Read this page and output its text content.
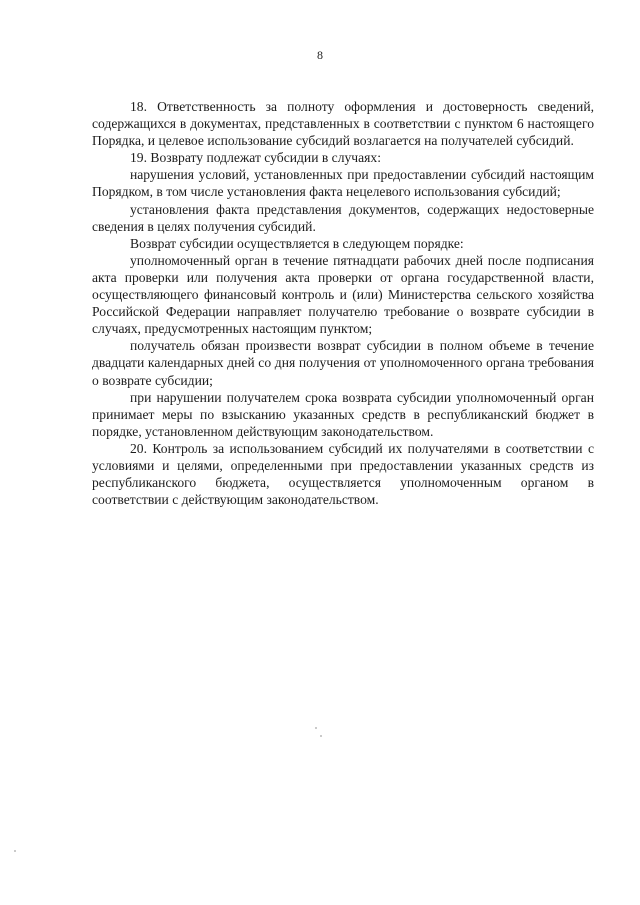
8

18. Ответственность за полноту оформления и достоверность сведений, содержащихся в документах, представленных в соответствии с пунктом 6 настоящего Порядка, и целевое использование субсидий возлагается на получателей субсидий.

19. Возврату подлежат субсидии в случаях:

нарушения условий, установленных при предоставлении субсидий настоящим Порядком, в том числе установления факта нецелевого использования субсидий;

установления факта представления документов, содержащих недостоверные сведения в целях получения субсидий.

Возврат субсидии осуществляется в следующем порядке:

уполномоченный орган в течение пятнадцати рабочих дней после подписания акта проверки или получения акта проверки от органа государственной власти, осуществляющего финансовый контроль и (или) Министерства сельского хозяйства Российской Федерации направляет получателю требование о возврате субсидии в случаях, предусмотренных настоящим пунктом;

получатель обязан произвести возврат субсидии в полном объеме в течение двадцати календарных дней со дня получения от уполномоченного органа требования о возврате субсидии;

при нарушении получателем срока возврата субсидии уполномоченный орган принимает меры по взысканию указанных средств в республиканский бюджет в порядке, установленном действующим законодательством.

20. Контроль за использованием субсидий их получателями в соответствии с условиями и целями, определенными при предоставлении указанных средств из республиканского бюджета, осуществляется уполномоченным органом в соответствии с действующим законодательством.
